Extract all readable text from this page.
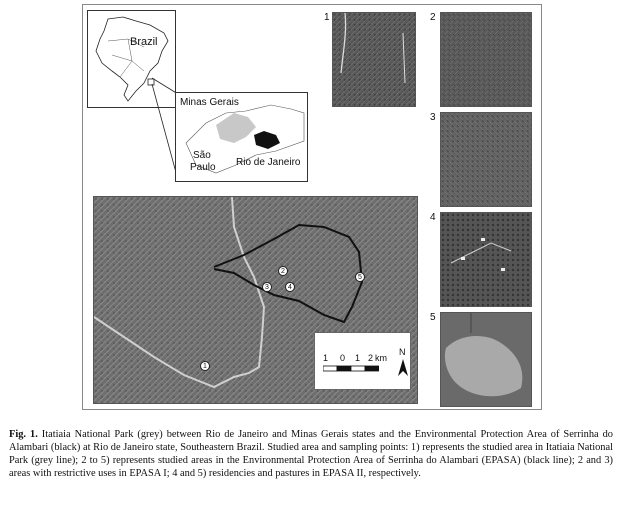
Brazil
Minas Gerais
São
Paulo Rio de Janeiro
2
3	4
5
1
1 0 1 2 km
N
1	2
3
4
5
Fig. 1. Itatiaia National Park (grey) between Rio de Janeiro and Minas Gerais states and the Environmental Protection Area of Serrinha do Alambari (black) at Rio de Janeiro state, Southeastern Brazil. Studied area and sampling points: 1) represents the studied area in Itatiaia National Park (grey line); 2 to 5) represents studied areas in the Environmental Protection Area of Serrinha do Alambari (EPASA) (black line); 2 and 3) areas with restrictive uses in EPASA I; 4 and 5) residencies and pastures in EPASA II, respectively.
